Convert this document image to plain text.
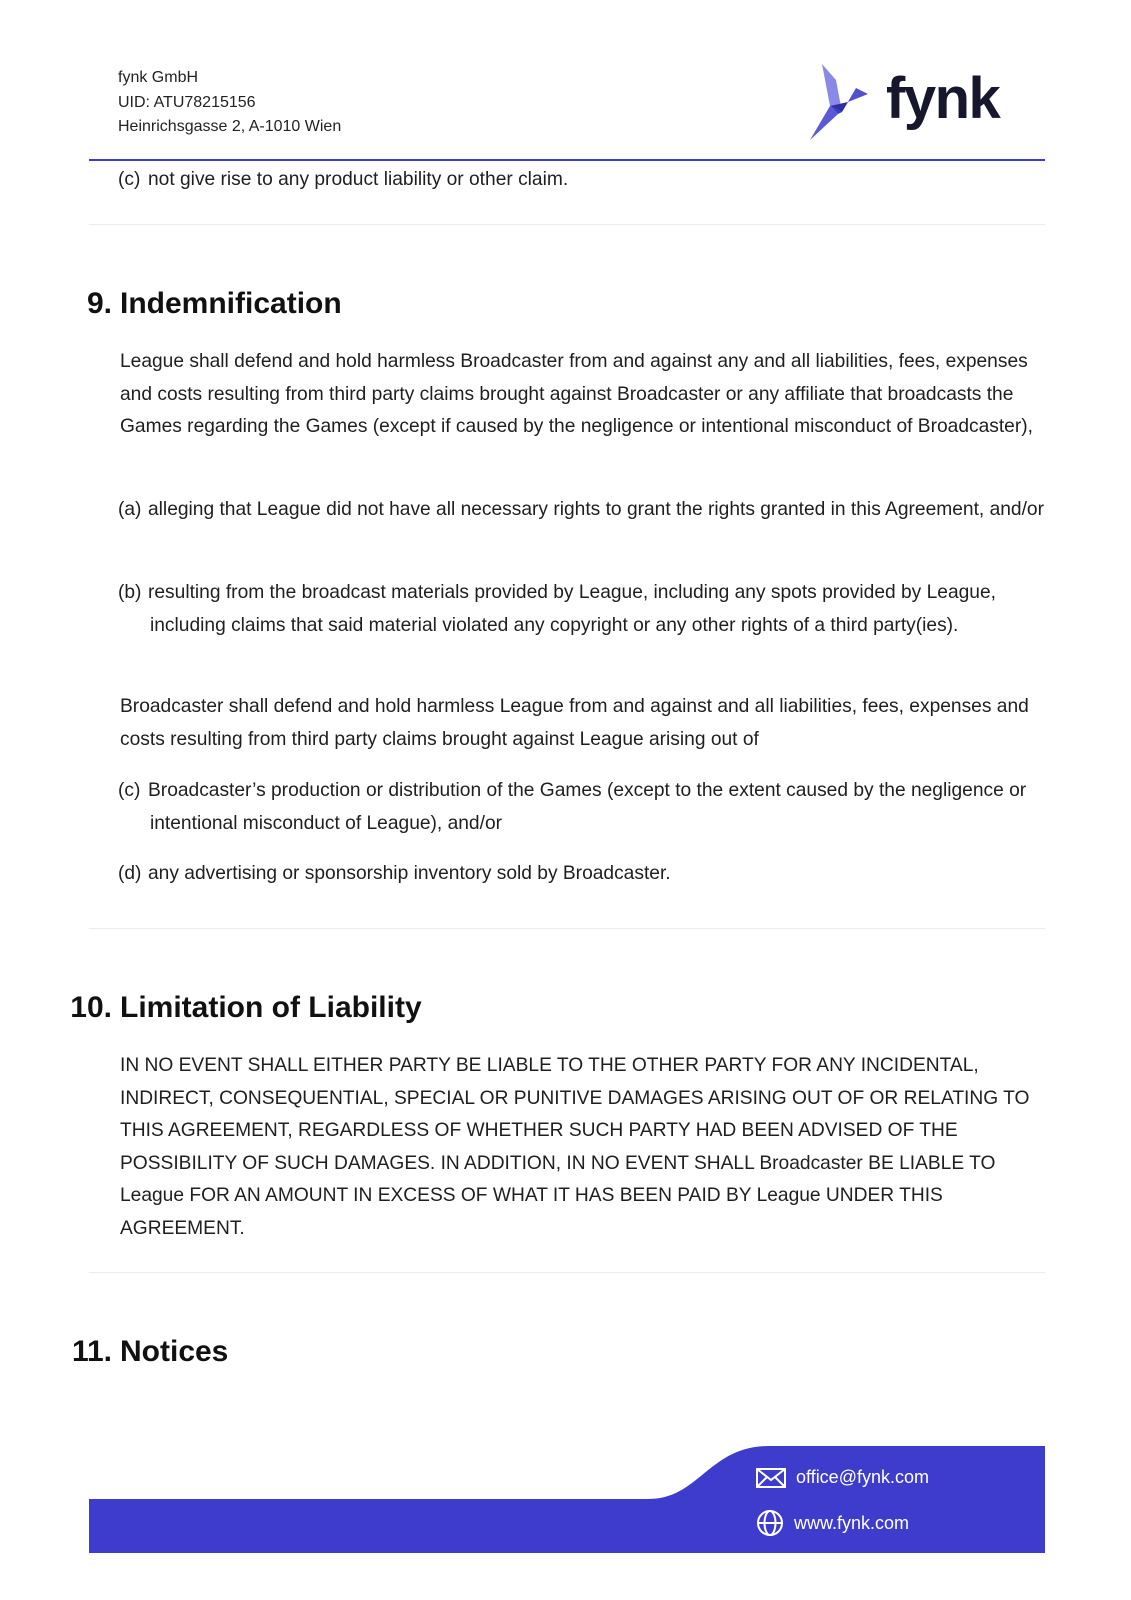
fynk GmbH
UID: ATU78215156
Heinrichsgasse 2, A-1010 Wien	fynk
(c) not give rise to any product liability or other claim.
9. Indemnification
League shall defend and hold harmless Broadcaster from and against any and all liabilities, fees, expenses and costs resulting from third party claims brought against Broadcaster or any affiliate that broadcasts the Games regarding the Games (except if caused by the negligence or intentional misconduct of Broadcaster),
(a) alleging that League did not have all necessary rights to grant the rights granted in this Agreement, and/or
(b) resulting from the broadcast materials provided by League, including any spots provided by League, including claims that said material violated any copyright or any other rights of a third party(ies).
Broadcaster shall defend and hold harmless League from and against and all liabilities, fees, expenses and costs resulting from third party claims brought against League arising out of
(c) Broadcaster’s production or distribution of the Games (except to the extent caused by the negligence or intentional misconduct of League), and/or
(d) any advertising or sponsorship inventory sold by Broadcaster.
10. Limitation of Liability
IN NO EVENT SHALL EITHER PARTY BE LIABLE TO THE OTHER PARTY FOR ANY INCIDENTAL, INDIRECT, CONSEQUENTIAL, SPECIAL OR PUNITIVE DAMAGES ARISING OUT OF OR RELATING TO THIS AGREEMENT, REGARDLESS OF WHETHER SUCH PARTY HAD BEEN ADVISED OF THE POSSIBILITY OF SUCH DAMAGES. IN ADDITION, IN NO EVENT SHALL Broadcaster BE LIABLE TO League FOR AN AMOUNT IN EXCESS OF WHAT IT HAS BEEN PAID BY League UNDER THIS AGREEMENT.
11. Notices
office@fynk.com
www.fynk.com
